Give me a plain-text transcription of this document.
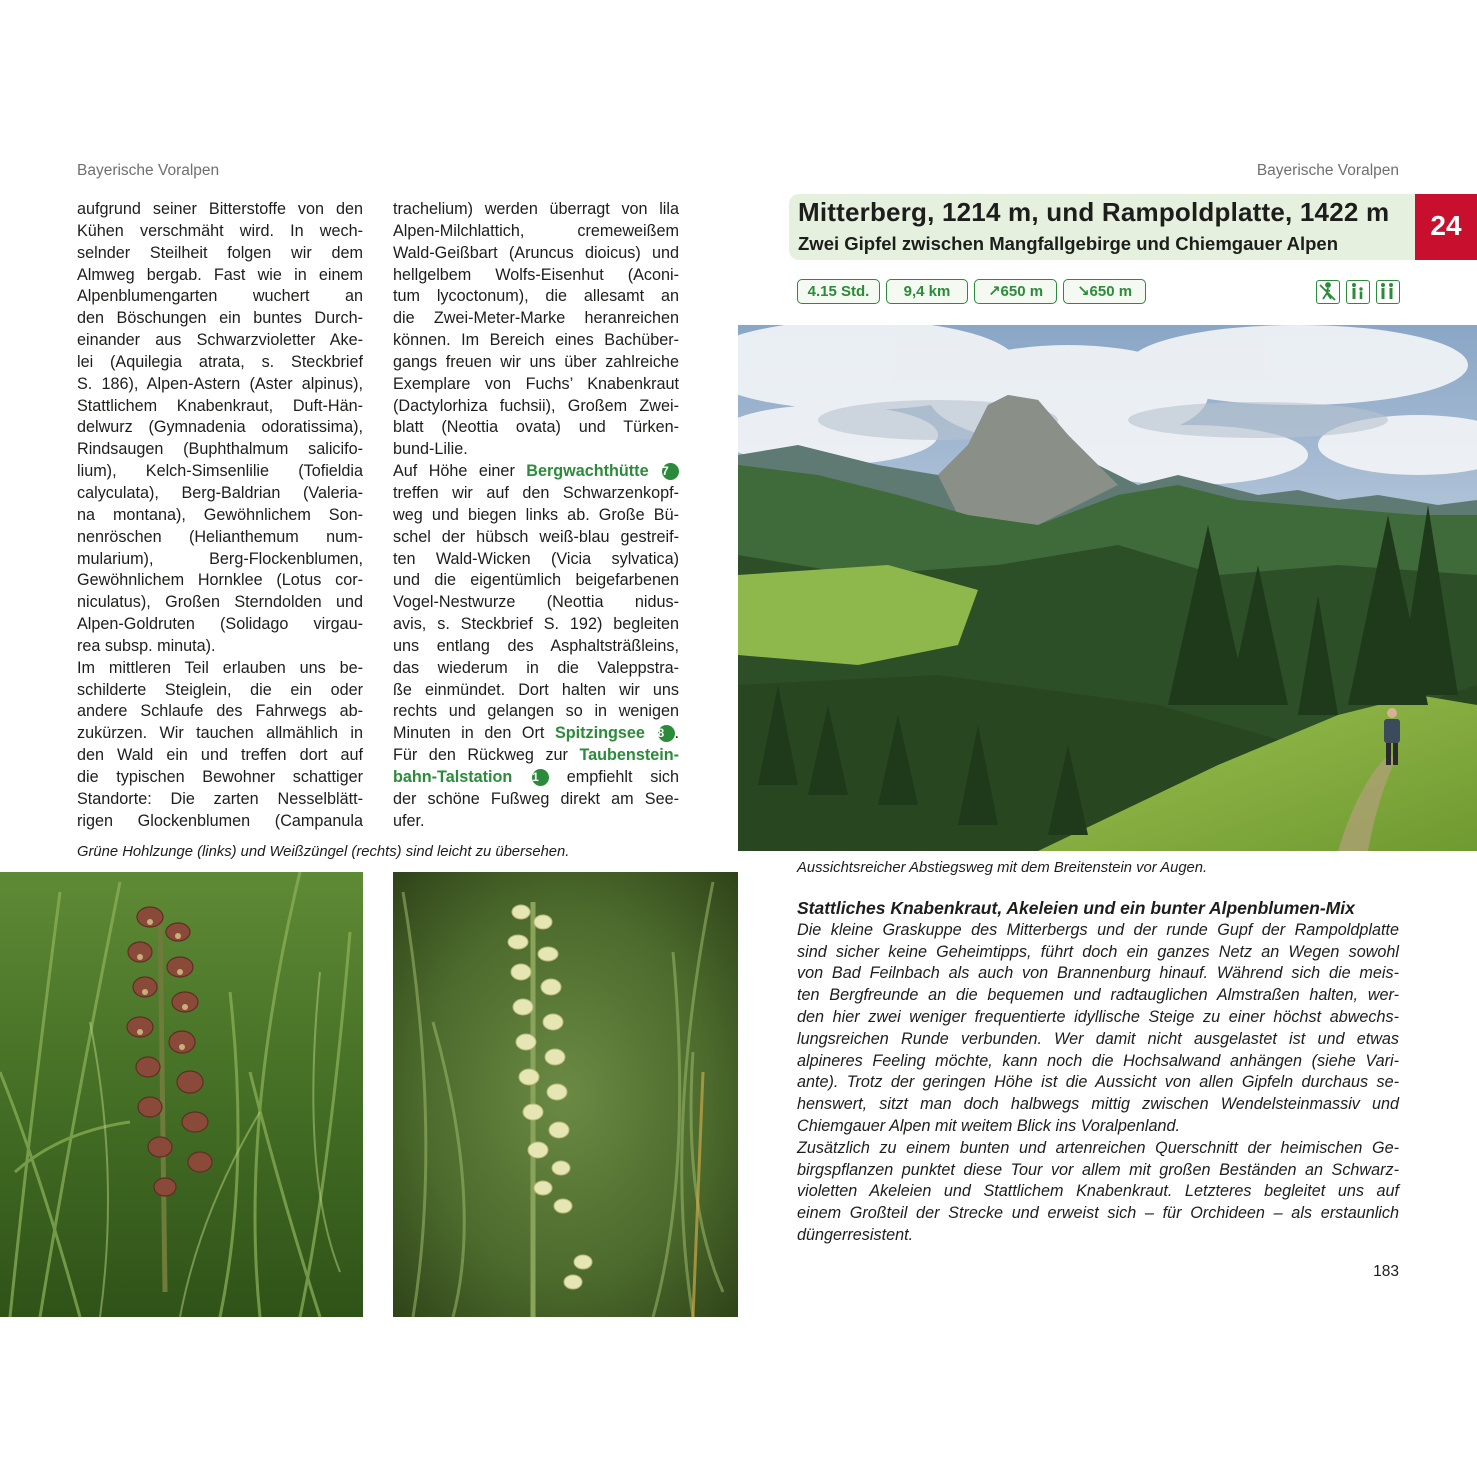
Bayerische Voralpen	Bayerische Voralpen

aufgrund seiner Bitterstoffe von den

Kühen verschmäht wird. In wech-

selnder Steilheit folgen wir dem

Almweg bergab. Fast wie in einem

Alpenblumengarten wuchert an

den Böschungen ein buntes Durch-

einander aus Schwarzvioletter Ake-

lei (Aquilegia atrata, s. Steckbrief

S. 186), Alpen-Astern (Aster alpinus),

Stattlichem Knabenkraut, Duft-Hän-

delwurz (Gymnadenia odoratissima),

Rindsaugen (Buphthalmum salicifo-

lium), Kelch-Simsenlilie (Tofieldia

calyculata), Berg-Baldrian (Valeria-

na montana), Gewöhnlichem Son-

nenröschen (Helianthemum num-

mularium), Berg-Flockenblumen,

Gewöhnlichem Hornklee (Lotus cor-

niculatus), Großen Sterndolden und

Alpen-Goldruten (Solidago virgau-

rea subsp. minuta).

Im mittleren Teil erlauben uns be-

schilderte Steiglein, die ein oder

andere Schlaufe des Fahrwegs ab-

zukürzen. Wir tauchen allmählich in

den Wald ein und treffen dort auf

die typischen Bewohner schattiger

Standorte: Die zarten Nesselblätt-

rigen Glockenblumen (Campanula

trachelium) werden überragt von lila

Alpen-Milchlattich, cremeweißem

Wald-Geißbart (Aruncus dioicus) und

hellgelbem Wolfs-Eisenhut (Aconi-

tum lycoctonum), die allesamt an

die Zwei-Meter-Marke heranreichen

können. Im Bereich eines Bachüber-

gangs freuen wir uns über zahlreiche

Exemplare von Fuchs’ Knabenkraut

(Dactylorhiza fuchsii), Großem Zwei-

blatt (Neottia ovata) und Türken-

bund-Lilie.

Auf Höhe einer Bergwachthütte 7

treffen wir auf den Schwarzenkopf-

weg und biegen links ab. Große Bü-

schel der hübsch weiß-blau gestreif-

ten Wald-Wicken (Vicia sylvatica)

und die eigentümlich beigefarbenen

Vogel-Nestwurze (Neottia nidus-

avis, s. Steckbrief S. 192) begleiten

uns entlang des Asphaltsträßleins,

das wiederum in die Valeppstra-

ße einmündet. Dort halten wir uns

rechts und gelangen so in wenigen

Minuten in den Ort Spitzingsee 8 .

Für den Rückweg zur Taubenstein-

bahn-Talstation 1 empfiehlt sich

der schöne Fußweg direkt am See-

ufer.

Grüne Hohlzunge (links) und Weißzüngel (rechts) sind leicht zu übersehen.
Mitterberg, 1214 m, und Rampoldplatte, 1422 m
Zwei Gipfel zwischen Mangfallgebirge und Chiemgauer Alpen
24
4.15 Std.	9,4 km	↗650 m	↘650 m
Aussichtsreicher Abstiegsweg mit dem Breitenstein vor Augen.

Stattliches Knabenkraut, Akeleien und ein bunter Alpenblumen-Mix

Die kleine Graskuppe des Mitterbergs und der runde Gupf der Rampoldplatte

sind sicher keine Geheimtipps, führt doch ein ganzes Netz an Wegen sowohl

von Bad Feilnbach als auch von Brannenburg hinauf. Während sich die meis-

ten Bergfreunde an die bequemen und radtauglichen Almstraßen halten, wer-

den hier zwei weniger frequentierte idyllische Steige zu einer höchst abwechs-

lungsreichen Runde verbunden. Wer damit nicht ausgelastet ist und etwas

alpineres Feeling möchte, kann noch die Hochsalwand anhängen (siehe Vari-

ante). Trotz der geringen Höhe ist die Aussicht von allen Gipfeln durchaus se-

henswert, sitzt man doch halbwegs mittig zwischen Wendelsteinmassiv und

Chiemgauer Alpen mit weitem Blick ins Voralpenland.

Zusätzlich zu einem bunten und artenreichen Querschnitt der heimischen Ge-

birgspflanzen punktet diese Tour vor allem mit großen Beständen an Schwarz-

violetten Akeleien und Stattlichem Knabenkraut. Letzteres begleitet uns auf

einem Großteil der Strecke und erweist sich – für Orchideen – als erstaunlich

düngerresistent.

183
